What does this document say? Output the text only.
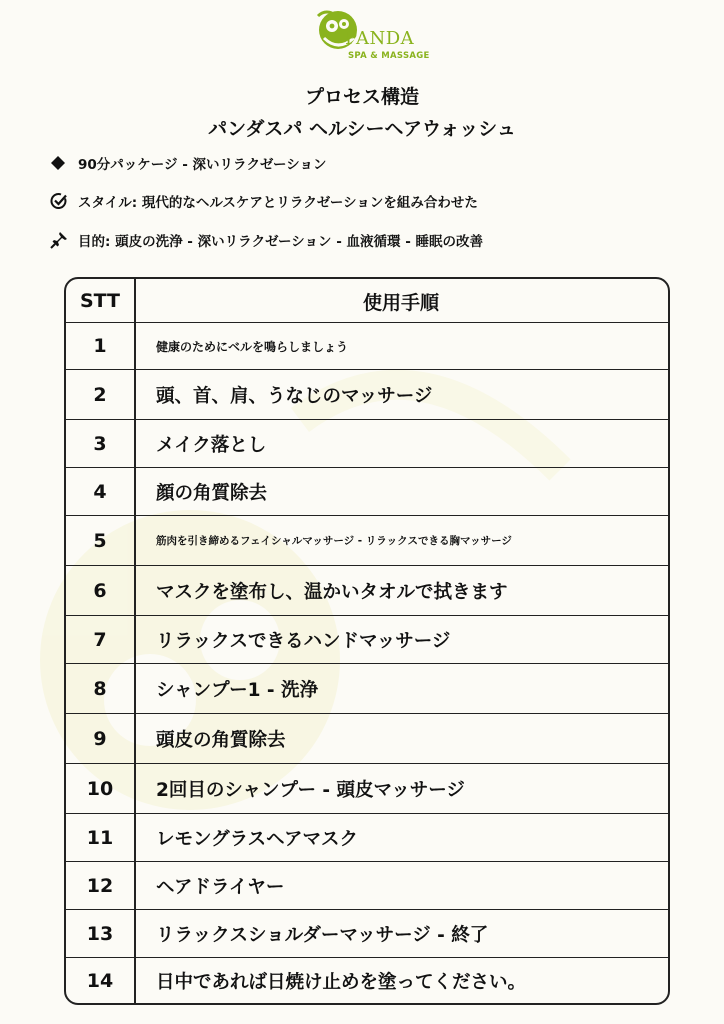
PANDA
SPA & MASSAGE
プロセス構造
パンダスパ ヘルシーヘアウォッシュ
90分パッケージ - 深いリラクゼーション
スタイル: 現代的なヘルスケアとリラクゼーションを組み合わせた
目的: 頭皮の洗浄 - 深いリラクゼーション - 血液循環 - 睡眠の改善
STT	使用手順
1	健康のためにベルを鳴らしましょう
2	頭、首、肩、うなじのマッサージ
3	メイク落とし
4	顔の角質除去
5	筋肉を引き締めるフェイシャルマッサージ - リラックスできる胸マッサージ
6	マスクを塗布し、温かいタオルで拭きます
7	リラックスできるハンドマッサージ
8	シャンプー1 - 洗浄
9	頭皮の角質除去
10	2回目のシャンプー - 頭皮マッサージ
11	レモングラスヘアマスク
12	ヘアドライヤー
13	リラックスショルダーマッサージ - 終了
14	日中であれば日焼け止めを塗ってください。
